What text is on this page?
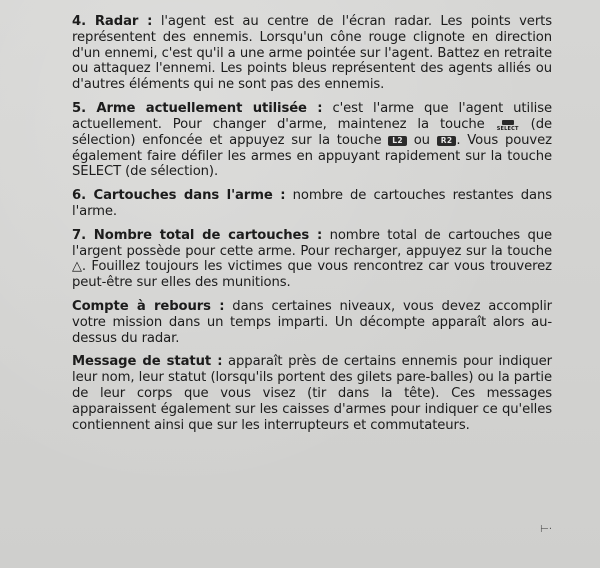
4. Radar : l'agent est au centre de l'écran radar. Les points verts représentent des ennemis. Lorsqu'un cône rouge clignote en direction d'un ennemi, c'est qu'il a une arme pointée sur l'agent. Battez en retraite ou attaquez l'ennemi. Les points bleus représentent des agents alliés ou d'autres éléments qui ne sont pas des ennemis.

5. Arme actuellement utilisée : c'est l'arme que l'agent utilise actuellement. Pour changer d'arme, maintenez la touche SELECT (de sélection) enfoncée et appuyez sur la touche L2 ou R2 . Vous pouvez également faire défiler les armes en appuyant rapidement sur la touche SELECT (de sélection).

6. Cartouches dans l'arme : nombre de cartouches restantes dans l'arme.

7. Nombre total de cartouches : nombre total de cartouches que l'argent possède pour cette arme. Pour recharger, appuyez sur la touche △. Fouillez toujours les victimes que vous rencontrez car vous trouverez peut-être sur elles des munitions.

Compte à rebours : dans certaines niveaux, vous devez accomplir votre mission dans un temps imparti. Un décompte apparaît alors au-dessus du radar.

Message de statut : apparaît près de certains ennemis pour indiquer leur nom, leur statut (lorsqu'ils portent des gilets pare-balles) ou la partie de leur corps que vous visez (tir dans la tête). Ces messages apparaissent également sur les caisses d'armes pour indiquer ce qu'elles contiennent ainsi que sur les interrupteurs et commutateurs.

⊢·
